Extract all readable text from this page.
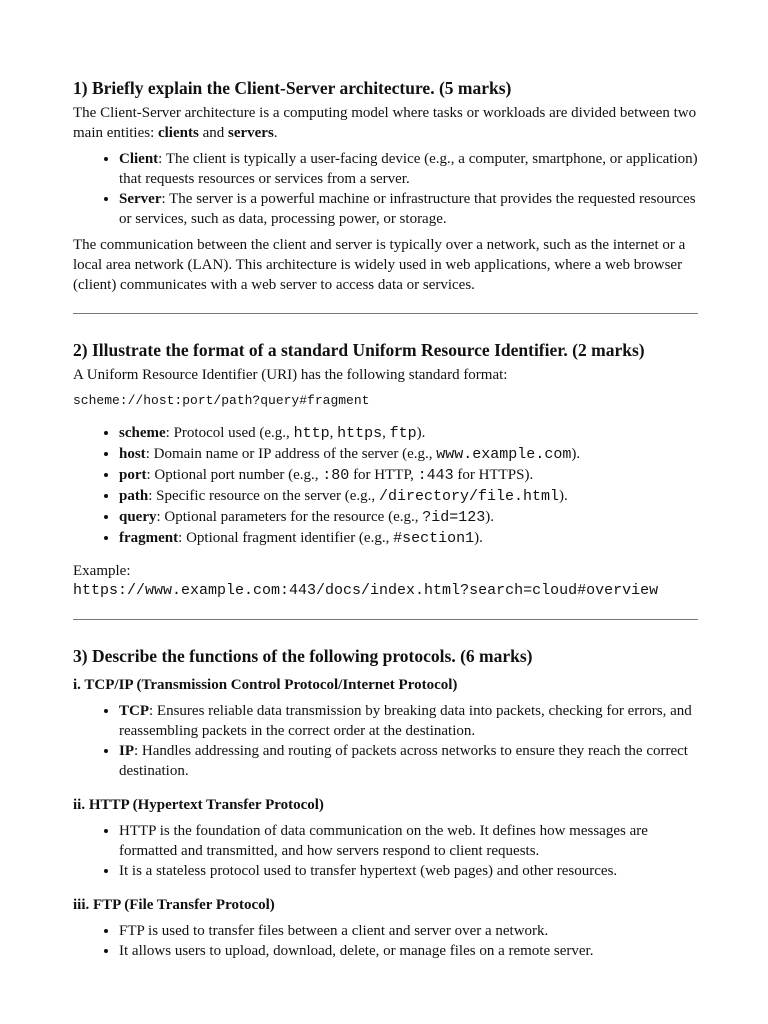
1) Briefly explain the Client-Server architecture. (5 marks)

The Client-Server architecture is a computing model where tasks or workloads are divided between two main entities: clients and servers.

• Client: The client is typically a user-facing device (e.g., a computer, smartphone, or application) that requests resources or services from a server.
• Server: The server is a powerful machine or infrastructure that provides the requested resources or services, such as data, processing power, or storage.

The communication between the client and server is typically over a network, such as the internet or a local area network (LAN). This architecture is widely used in web applications, where a web browser (client) communicates with a web server to access data or services.

2) Illustrate the format of a standard Uniform Resource Identifier. (2 marks)

A Uniform Resource Identifier (URI) has the following standard format:

scheme://host:port/path?query#fragment
• scheme: Protocol used (e.g., http, https, ftp).
• host: Domain name or IP address of the server (e.g., www.example.com).
• port: Optional port number (e.g., :80 for HTTP, :443 for HTTPS).
• path: Specific resource on the server (e.g., /directory/file.html).
• query: Optional parameters for the resource (e.g., ?id=123).
• fragment: Optional fragment identifier (e.g., #section1).

Example:

https://www.example.com:443/docs/index.html?search=cloud#overview
3) Describe the functions of the following protocols. (6 marks)
i. TCP/IP (Transmission Control Protocol/Internet Protocol)
• TCP: Ensures reliable data transmission by breaking data into packets, checking for errors, and reassembling packets in the correct order at the destination.
• IP: Handles addressing and routing of packets across networks to ensure they reach the correct destination.
ii. HTTP (Hypertext Transfer Protocol)
• HTTP is the foundation of data communication on the web. It defines how messages are formatted and transmitted, and how servers respond to client requests.
• It is a stateless protocol used to transfer hypertext (web pages) and other resources.
iii. FTP (File Transfer Protocol)
• FTP is used to transfer files between a client and server over a network.
• It allows users to upload, download, delete, or manage files on a remote server.
